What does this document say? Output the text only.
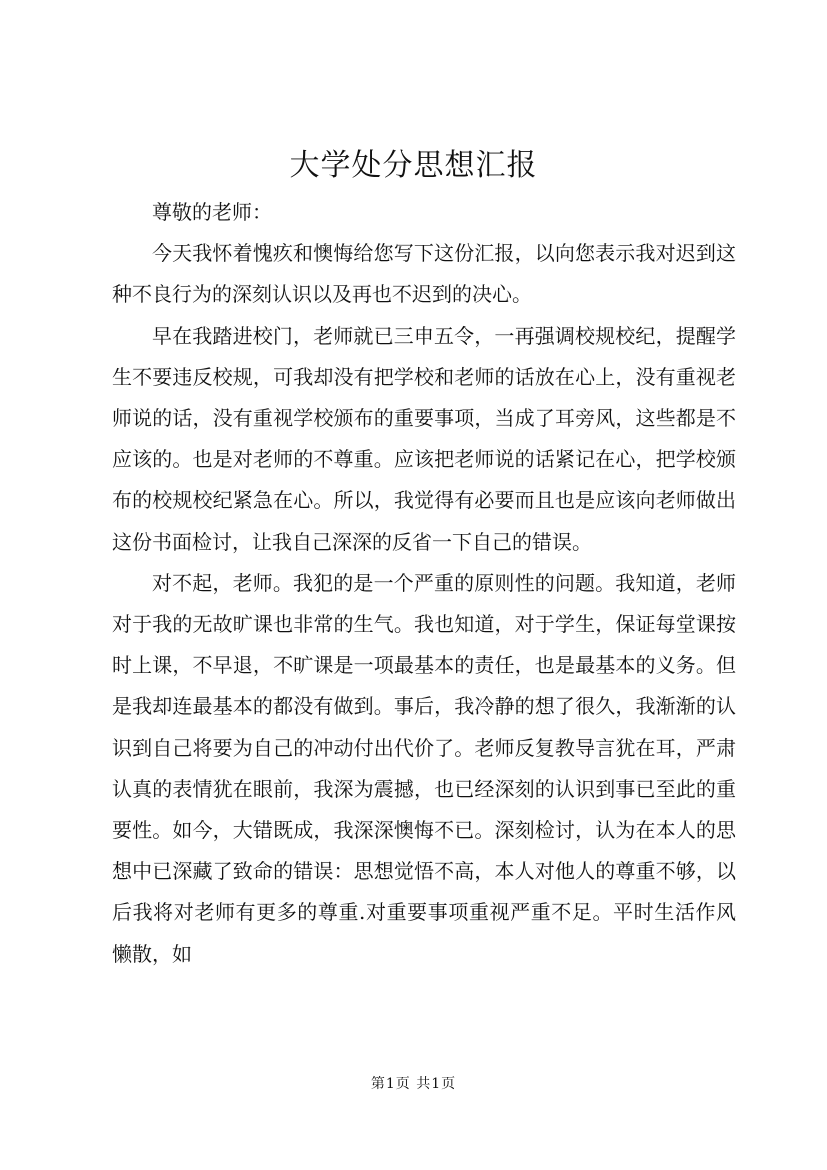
大学处分思想汇报

尊敬的老师：

今天我怀着愧疚和懊悔给您写下这份汇报，以向您表示我对迟到这种不良行为的深刻认识以及再也不迟到的决心。

早在我踏进校门，老师就已三申五令，一再强调校规校纪，提醒学生不要违反校规，可我却没有把学校和老师的话放在心上，没有重视老师说的话，没有重视学校颁布的重要事项，当成了耳旁风，这些都是不应该的。也是对老师的不尊重。应该把老师说的话紧记在心，把学校颁布的校规校纪紧急在心。所以，我觉得有必要而且也是应该向老师做出这份书面检讨，让我自己深深的反省一下自己的错误。

对不起，老师。我犯的是一个严重的原则性的问题。我知道，老师对于我的无故旷课也非常的生气。我也知道，对于学生，保证每堂课按时上课，不早退，不旷课是一项最基本的责任，也是最基本的义务。但是我却连最基本的都没有做到。事后，我冷静的想了很久，我渐渐的认识到自己将要为自己的冲动付出代价了。老师反复教导言犹在耳，严肃认真的表情犹在眼前，我深为震撼，也已经深刻的认识到事已至此的重要性。如今，大错既成，我深深懊悔不已。深刻检讨，认为在本人的思想中已深藏了致命的错误：思想觉悟不高，本人对他人的尊重不够，以后我将对老师有更多的尊重.对重要事项重视严重不足。平时生活作风懒散，如

第1页 共1页
